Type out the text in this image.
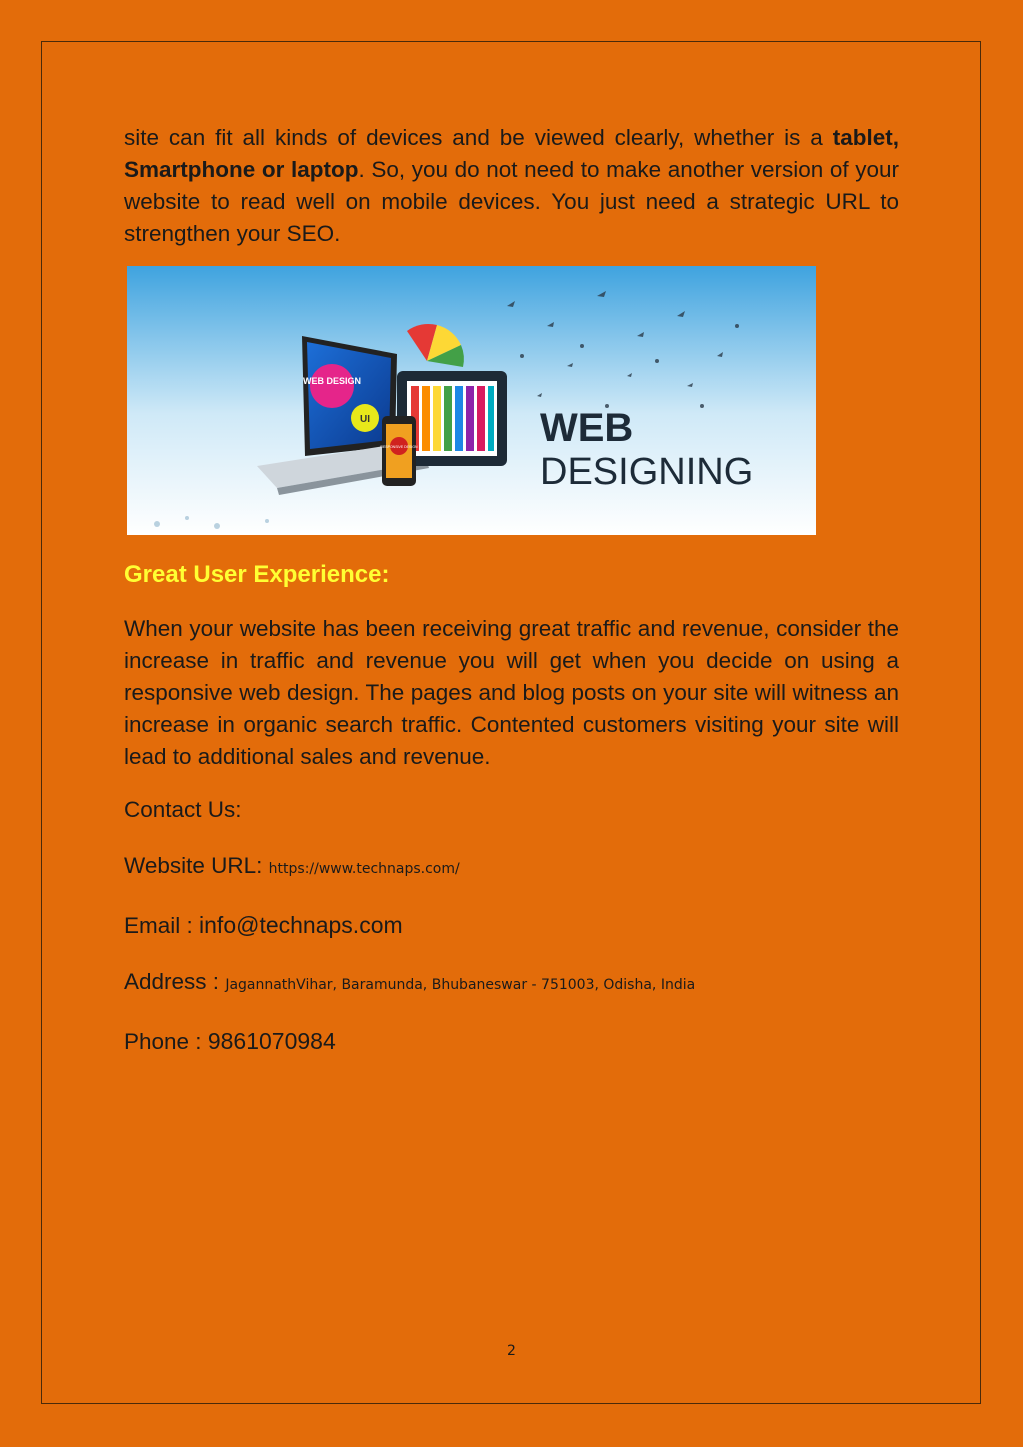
site can fit all kinds of devices and be viewed clearly, whether is a tablet, Smartphone or laptop. So, you do not need to make another version of your website to read well on mobile devices. You just need a strategic URL to strengthen your SEO.

WEB DESIGN
UI
RESPONSIVE DESIGN	WEB
DESIGNING
Great User Experience:

When your website has been receiving great traffic and revenue, consider the increase in traffic and revenue you will get when you decide on using a responsive web design. The pages and blog posts on your site will witness an increase in organic search traffic. Contented customers visiting your site will lead to additional sales and revenue.

Contact Us:

Website URL: https://www.technaps.com/

Email : info@technaps.com

Address : JagannathVihar, Baramunda, Bhubaneswar - 751003, Odisha, India

Phone : 9861070984

2
